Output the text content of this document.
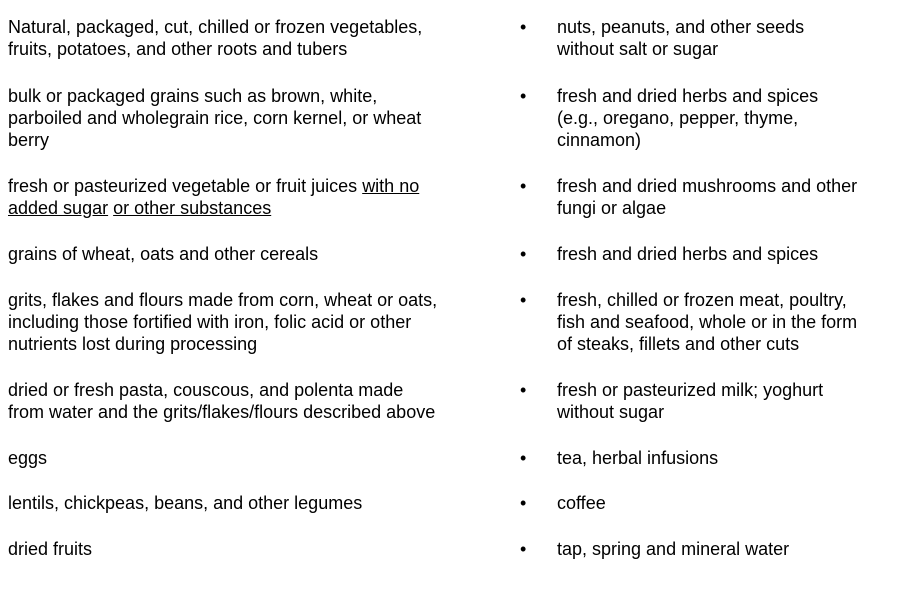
Natural, packaged, cut, chilled or frozen vegetables,
fruits, potatoes, and other roots and tubers
bulk or packaged grains such as brown, white,
parboiled and wholegrain rice, corn kernel, or wheat
berry
fresh or pasteurized vegetable or fruit juices with no
added sugar or other substances
grains of wheat, oats and other cereals
grits, flakes and flours made from corn, wheat or oats,
including those fortified with iron, folic acid or other
nutrients lost during processing
dried or fresh pasta, couscous, and polenta made
from water and the grits/flakes/flours described above
eggs
lentils, chickpeas, beans, and other legumes
dried fruits
• nuts, peanuts, and other seeds
without salt or sugar
• fresh and dried herbs and spices
(e.g., oregano, pepper, thyme,
cinnamon)
• fresh and dried mushrooms and other
fungi or algae
• fresh and dried herbs and spices
• fresh, chilled or frozen meat, poultry,
fish and seafood, whole or in the form
of steaks, fillets and other cuts
• fresh or pasteurized milk; yoghurt
without sugar
• tea, herbal infusions
• coffee
• tap, spring and mineral water
